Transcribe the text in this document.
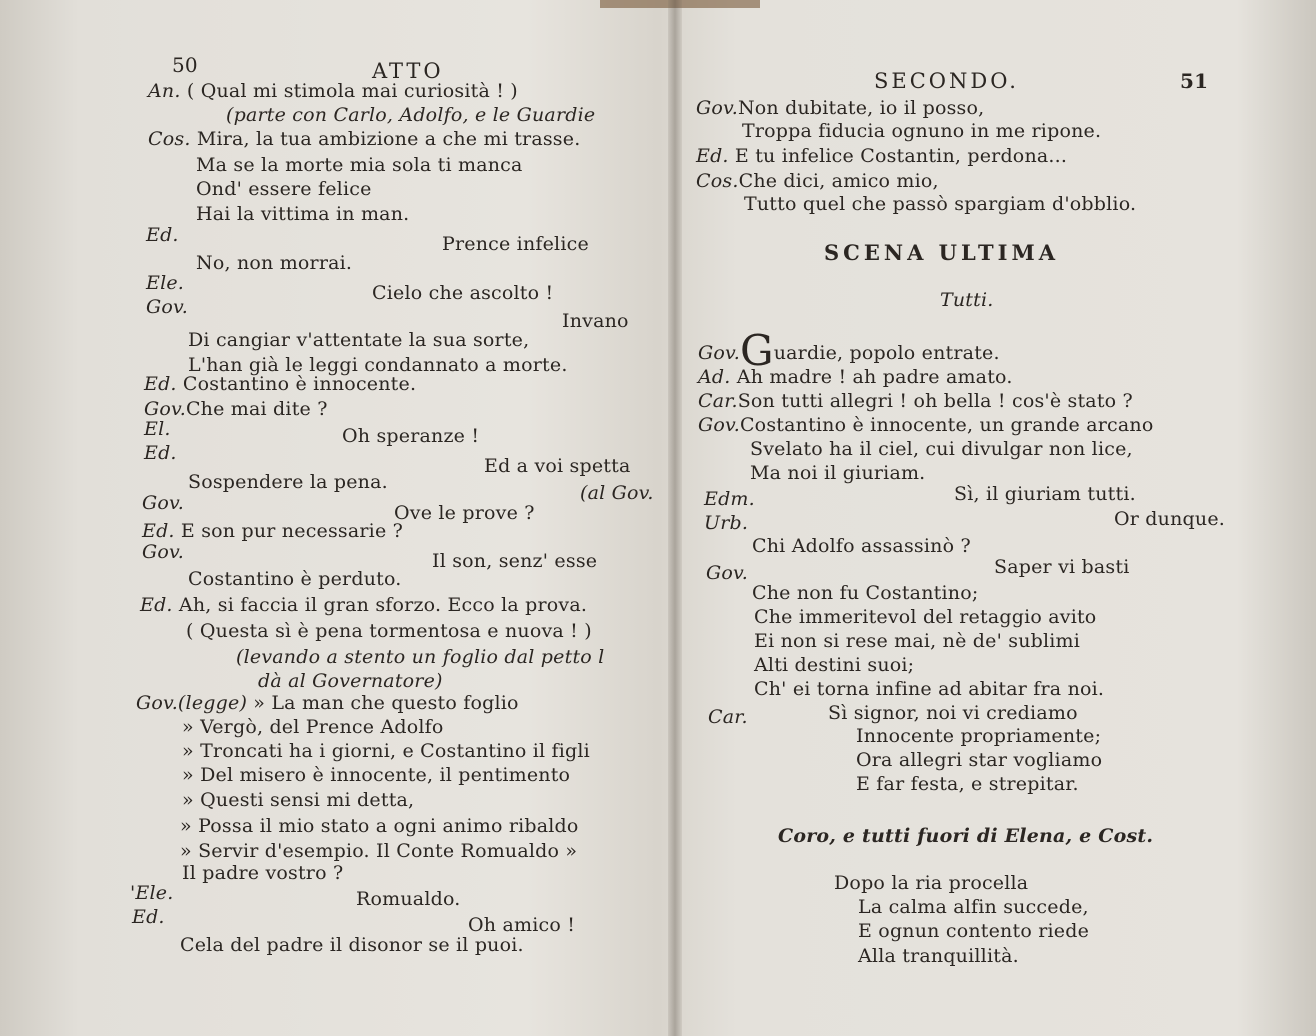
50	ATTO
An. ( Qual mi stimola mai curiosità ! )
(parte con Carlo, Adolfo, e le Guardie
Cos. Mira, la tua ambizione a che mi trasse.
Ma se la morte mia sola ti manca
Ond' essere felice
Hai la vittima in man.
Ed.	Prence infelice
No, non morrai.
Ele.	Cielo che ascolto !
Gov.
Invano
Di cangiar v'attentate la sua sorte,
L'han già le leggi condannato a morte.
Ed. Costantino è innocente.
Gov.Che mai dite ?
El.	Oh speranze !
Ed.
Ed a voi spetta
Sospendere la pena.	(al Gov.
Gov.	Ove le prove ?
Ed. E son pur necessarie ?
Gov.	Il son, senz' esse
Costantino è perduto.
Ed. Ah, si faccia il gran sforzo. Ecco la prova.
( Questa sì è pena tormentosa e nuova ! )
(levando a stento un foglio dal petto l
dà al Governatore)
Gov.(legge) » La man che questo foglio
» Vergò, del Prence Adolfo
» Troncati ha i giorni, e Costantino il figli
» Del misero è innocente, il pentimento
» Questi sensi mi detta,
» Possa il mio stato a ogni animo ribaldo
» Servir d'esempio. Il Conte Romualdo »
Il padre vostro ?
'Ele.	Romualdo.
Ed.	Oh amico !
Cela del padre il disonor se il puoi.
SECONDO.	51
Gov.Non dubitate, io il posso,
Troppa fiducia ognuno in me ripone.
Ed. E tu infelice Costantin, perdona...
Cos.Che dici, amico mio,
Tutto quel che passò spargiam d'obblio.
SCENA ULTIMA
Tutti.
Gov.Guardie, popolo entrate.
Ad. Ah madre ! ah padre amato.
Car.Son tutti allegri ! oh bella ! cos'è stato ?
Gov.Costantino è innocente, un grande arcano
Svelato ha il ciel, cui divulgar non lice,
Ma noi il giuriam.
Edm.	Sì, il giuriam tutti.
Urb.	Or dunque.
Chi Adolfo assassinò ?
Gov.	Saper vi basti
Che non fu Costantino;
Che immeritevol del retaggio avito
Ei non si rese mai, nè de' sublimi
Alti destini suoi;
Ch' ei torna infine ad abitar fra noi.
Car.	Sì signor, noi vi crediamo
Innocente propriamente;
Ora allegri star vogliamo
E far festa, e strepitar.
Coro, e tutti fuori di Elena, e Cost.
Dopo la ria procella
La calma alfin succede,
E ognun contento riede
Alla tranquillità.
